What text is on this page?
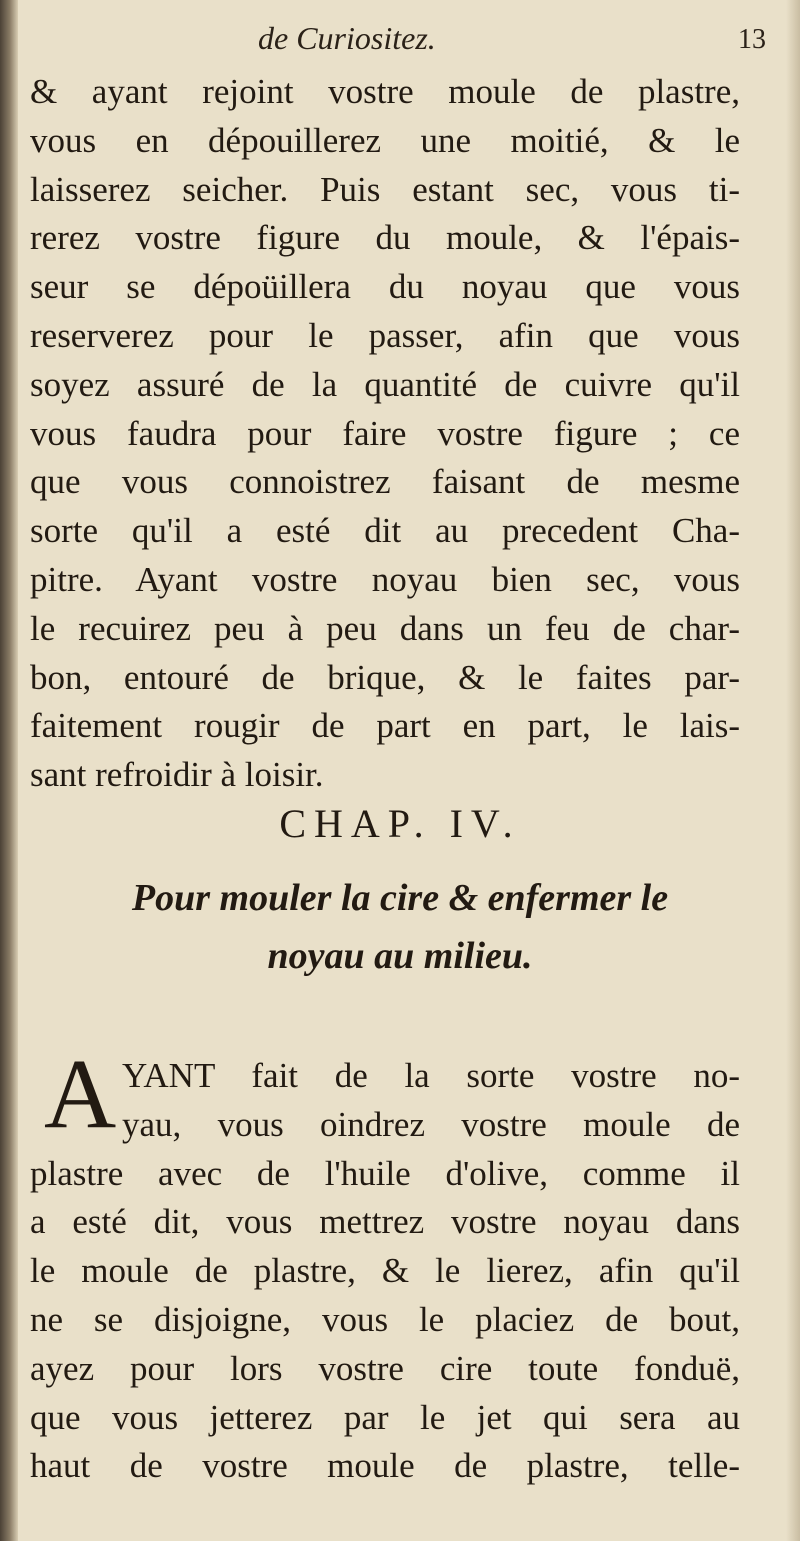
de Curiositez.	13
& ayant rejoint vostre moule de plastre,
vous en dépouillerez une moitié, & le
laisserez seicher. Puis estant sec, vous ti-
rerez vostre figure du moule, & l'épais-
seur se dépoüillera du noyau que vous
reserverez pour le passer, afin que vous
soyez assuré de la quantité de cuivre qu'il
vous faudra pour faire vostre figure ; ce
que vous connoistrez faisant de mesme
sorte qu'il a esté dit au precedent Cha-
pitre. Ayant vostre noyau bien sec, vous
le recuirez peu à peu dans un feu de char-
bon, entouré de brique, & le faites par-
faitement rougir de part en part, le lais-
sant refroidir à loisir.
CHAP. IV.
Pour mouler la cire & enfermer le
noyau au milieu.
A YANT fait de la sorte vostre no-
yau, vous oindrez vostre moule de
plastre avec de l'huile d'olive, comme il
a esté dit, vous mettrez vostre noyau dans
le moule de plastre, & le lierez, afin qu'il
ne se disjoigne, vous le placiez de bout,
ayez pour lors vostre cire toute fonduë,
que vous jetterez par le jet qui sera au
haut de vostre moule de plastre, telle-
